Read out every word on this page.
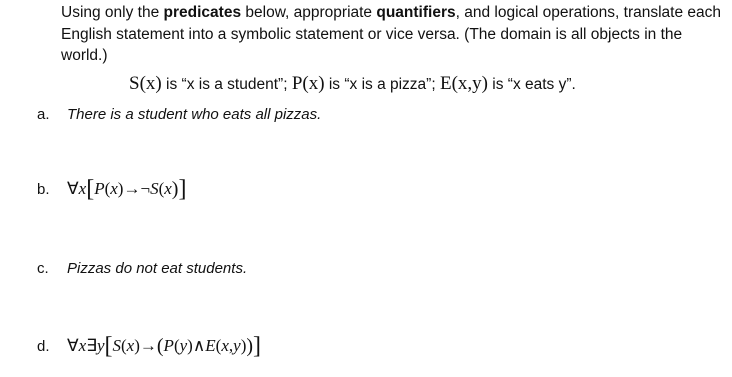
Using only the predicates below, appropriate quantifiers, and logical operations, translate each English statement into a symbolic statement or vice versa. (The domain is all objects in the world.)
S(x) is “x is a student”; P(x) is “x is a pizza”; E(x,y) is “x eats y”.
a. There is a student who eats all pizzas.
b. ∀x[P(x)→¬S(x)]
c. Pizzas do not eat students.
d. ∀x∃y[S(x)→(P(y)∧E(x,y))]
